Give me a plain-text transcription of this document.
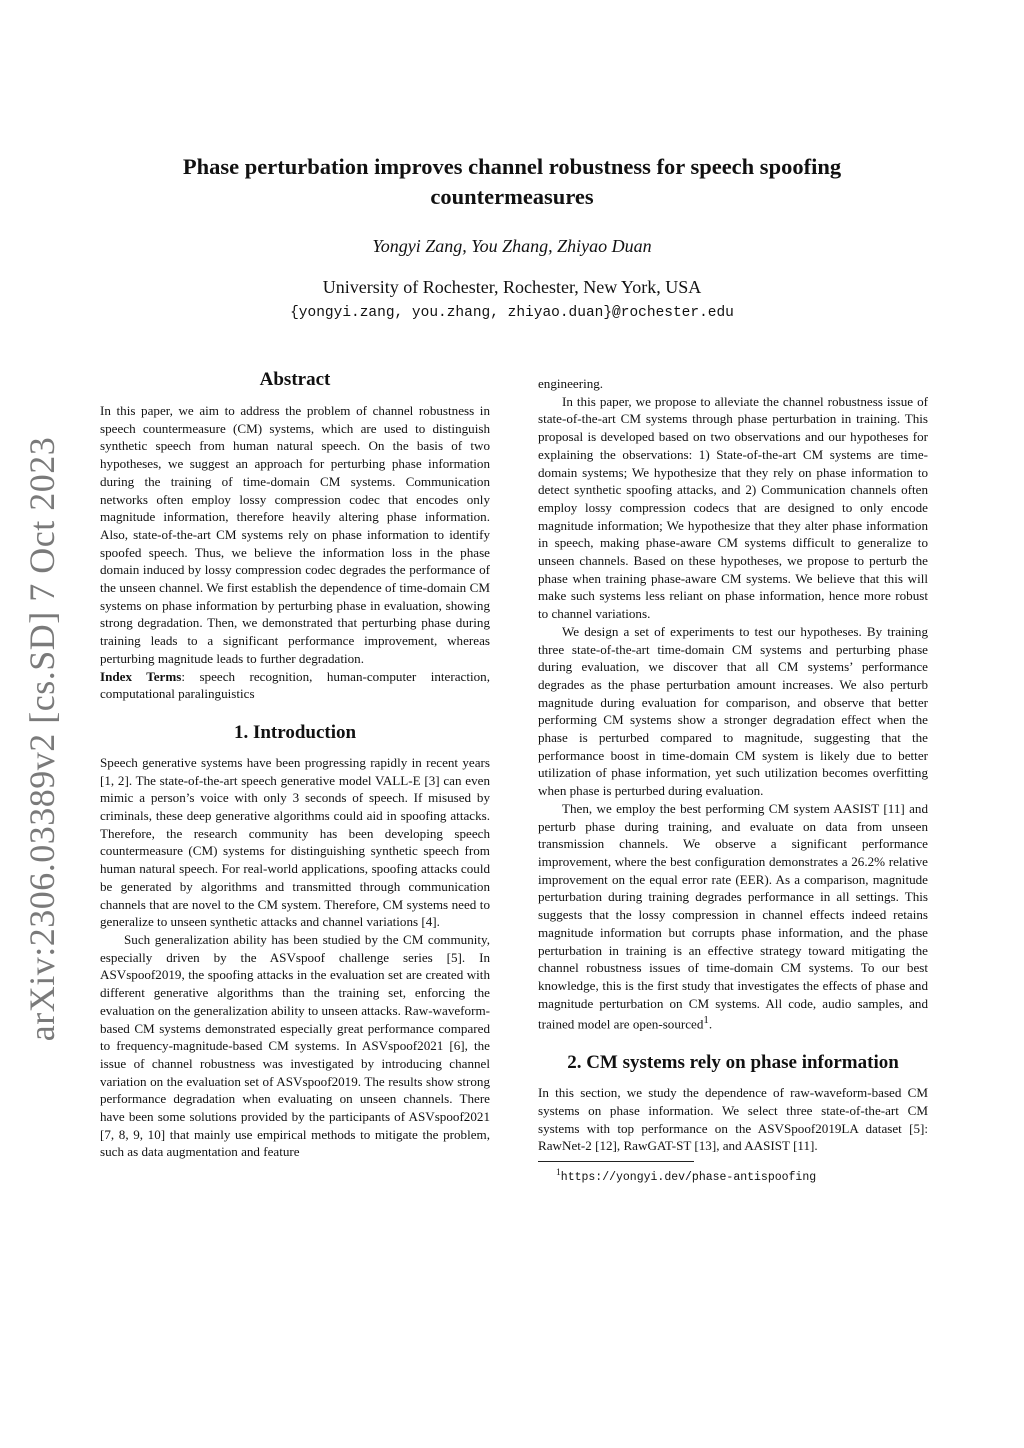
arXiv:2306.03389v2 [cs.SD] 7 Oct 2023
Phase perturbation improves channel robustness for speech spoofing countermeasures
Yongyi Zang, You Zhang, Zhiyao Duan
University of Rochester, Rochester, New York, USA
{yongyi.zang, you.zhang, zhiyao.duan}@rochester.edu
Abstract

In this paper, we aim to address the problem of channel robustness in speech countermeasure (CM) systems, which are used to distinguish synthetic speech from human natural speech. On the basis of two hypotheses, we suggest an approach for perturbing phase information during the training of time-domain CM systems. Communication networks often employ lossy compression codec that encodes only magnitude information, therefore heavily altering phase information. Also, state-of-the-art CM systems rely on phase information to identify spoofed speech. Thus, we believe the information loss in the phase domain induced by lossy compression codec degrades the performance of the unseen channel. We first establish the dependence of time-domain CM systems on phase information by perturbing phase in evaluation, showing strong degradation. Then, we demonstrated that perturbing phase during training leads to a significant performance improvement, whereas perturbing magnitude leads to further degradation.

Index Terms: speech recognition, human-computer interaction, computational paralinguistics

1. Introduction

Speech generative systems have been progressing rapidly in recent years [1, 2]. The state-of-the-art speech generative model VALL-E [3] can even mimic a person’s voice with only 3 seconds of speech. If misused by criminals, these deep generative algorithms could aid in spoofing attacks. Therefore, the research community has been developing speech countermeasure (CM) systems for distinguishing synthetic speech from human natural speech. For real-world applications, spoofing attacks could be generated by algorithms and transmitted through communication channels that are novel to the CM system. Therefore, CM systems need to generalize to unseen synthetic attacks and channel variations [4].

Such generalization ability has been studied by the CM community, especially driven by the ASVspoof challenge series [5]. In ASVspoof2019, the spoofing attacks in the evaluation set are created with different generative algorithms than the training set, enforcing the evaluation on the generalization ability to unseen attacks. Raw-waveform-based CM systems demonstrated especially great performance compared to frequency-magnitude-based CM systems. In ASVspoof2021 [6], the issue of channel robustness was investigated by introducing channel variation on the evaluation set of ASVspoof2019. The results show strong performance degradation when evaluating on unseen channels. There have been some solutions provided by the participants of ASVspoof2021 [7, 8, 9, 10] that mainly use empirical methods to mitigate the problem, such as data augmentation and feature

engineering.

In this paper, we propose to alleviate the channel robustness issue of state-of-the-art CM systems through phase perturbation in training. This proposal is developed based on two observations and our hypotheses for explaining the observations: 1) State-of-the-art CM systems are time-domain systems; We hypothesize that they rely on phase information to detect synthetic spoofing attacks, and 2) Communication channels often employ lossy compression codecs that are designed to only encode magnitude information; We hypothesize that they alter phase information in speech, making phase-aware CM systems difficult to generalize to unseen channels. Based on these hypotheses, we propose to perturb the phase when training phase-aware CM systems. We believe that this will make such systems less reliant on phase information, hence more robust to channel variations.

We design a set of experiments to test our hypotheses. By training three state-of-the-art time-domain CM systems and perturbing phase during evaluation, we discover that all CM systems’ performance degrades as the phase perturbation amount increases. We also perturb magnitude during evaluation for comparison, and observe that better performing CM systems show a stronger degradation effect when the phase is perturbed compared to magnitude, suggesting that the performance boost in time-domain CM system is likely due to better utilization of phase information, yet such utilization becomes overfitting when phase is perturbed during evaluation.

Then, we employ the best performing CM system AASIST [11] and perturb phase during training, and evaluate on data from unseen transmission channels. We observe a significant performance improvement, where the best configuration demonstrates a 26.2% relative improvement on the equal error rate (EER). As a comparison, magnitude perturbation during training degrades performance in all settings. This suggests that the lossy compression in channel effects indeed retains magnitude information but corrupts phase information, and the phase perturbation in training is an effective strategy toward mitigating the channel robustness issues of time-domain CM systems. To our best knowledge, this is the first study that investigates the effects of phase and magnitude perturbation on CM systems. All code, audio samples, and trained model are open-sourced$^1$.

2. CM systems rely on phase information

In this section, we study the dependence of raw-waveform-based CM systems on phase information. We select three state-of-the-art CM systems with top performance on the ASVSpoof2019LA dataset [5]: RawNet-2 [12], RawGAT-ST [13], and AASIST [11].

$^1$https://yongyi.dev/phase-antispoofing
